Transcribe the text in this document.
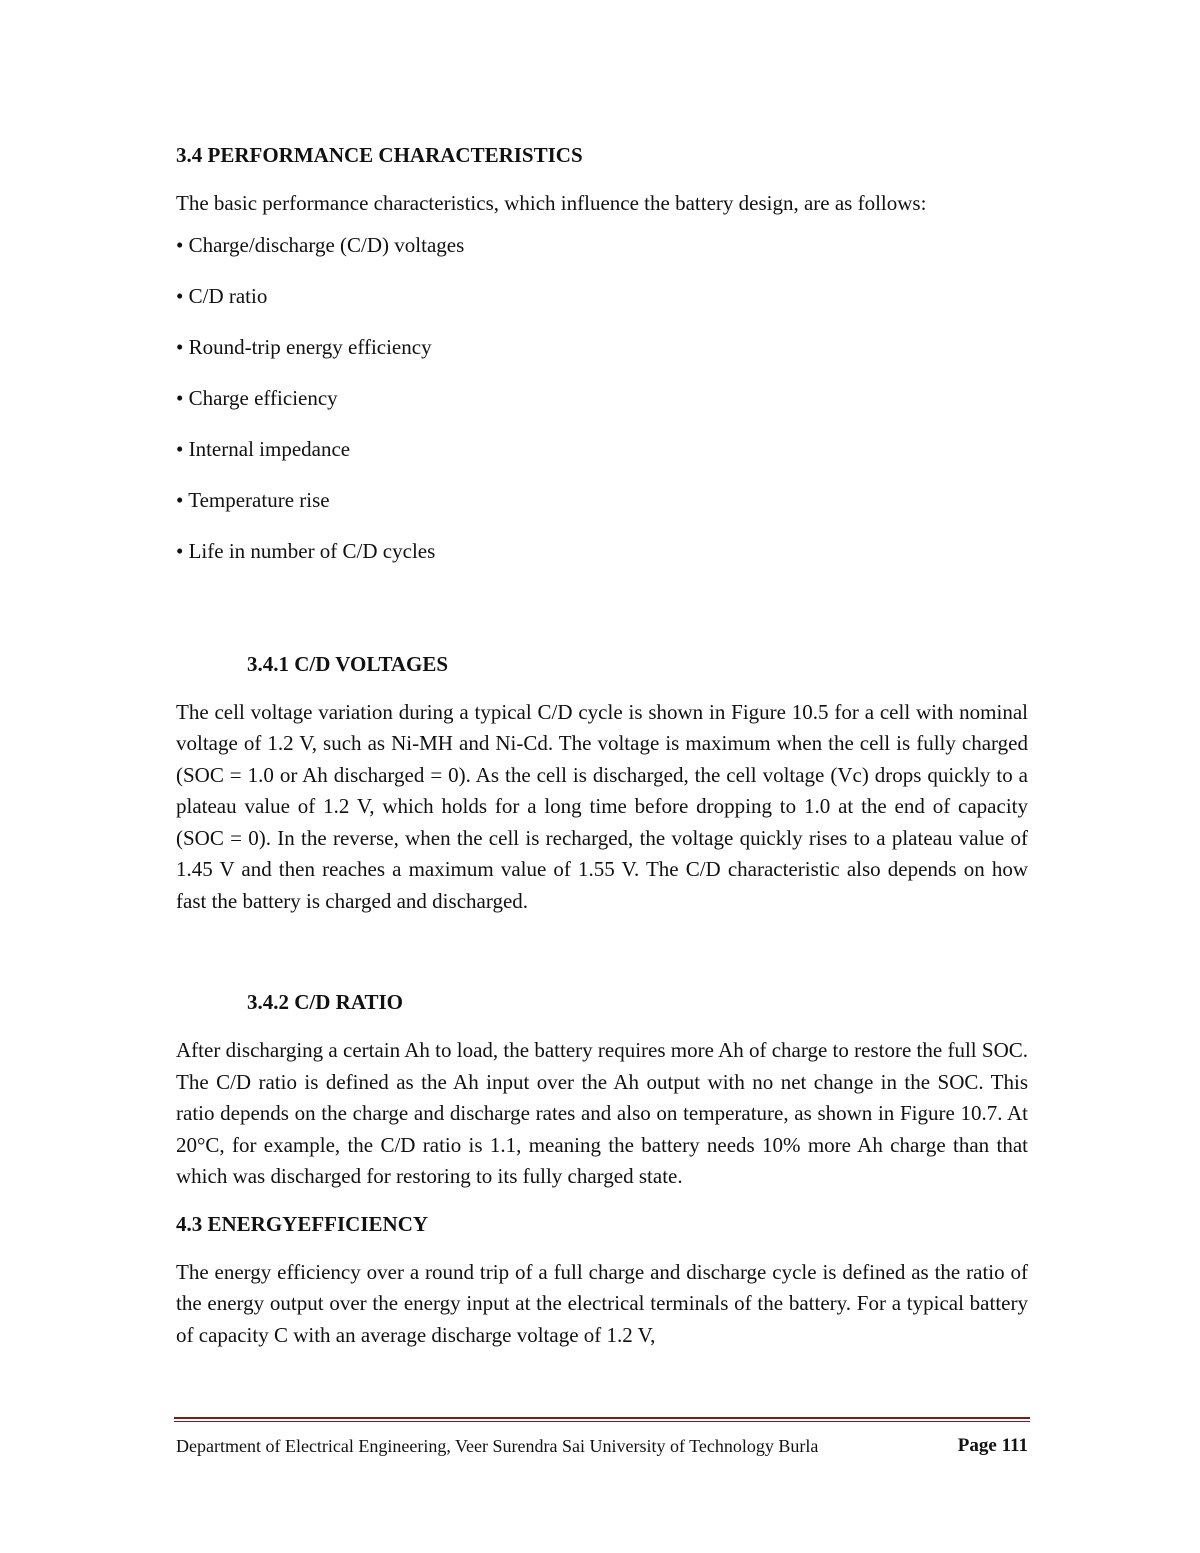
3.4 PERFORMANCE CHARACTERISTICS

The basic performance characteristics, which influence the battery design, are as follows:

• Charge/discharge (C/D) voltages
• C/D ratio
• Round-trip energy efficiency
• Charge efficiency
• Internal impedance
• Temperature rise
• Life in number of C/D cycles
3.4.1 C/D VOLTAGES

The cell voltage variation during a typical C/D cycle is shown in Figure 10.5 for a cell with nominal voltage of 1.2 V, such as Ni-MH and Ni-Cd. The voltage is maximum when the cell is fully charged (SOC = 1.0 or Ah discharged = 0). As the cell is discharged, the cell voltage (Vc) drops quickly to a plateau value of 1.2 V, which holds for a long time before dropping to 1.0 at the end of capacity (SOC = 0). In the reverse, when the cell is recharged, the voltage quickly rises to a plateau value of 1.45 V and then reaches a maximum value of 1.55 V. The C/D characteristic also depends on how fast the battery is charged and discharged.

3.4.2 C/D RATIO

After discharging a certain Ah to load, the battery requires more Ah of charge to restore the full SOC. The C/D ratio is defined as the Ah input over the Ah output with no net change in the SOC. This ratio depends on the charge and discharge rates and also on temperature, as shown in Figure 10.7. At 20°C, for example, the C/D ratio is 1.1, meaning the battery needs 10% more Ah charge than that which was discharged for restoring to its fully charged state.

4.3 ENERGYEFFICIENCY

The energy efficiency over a round trip of a full charge and discharge cycle is defined as the ratio of the energy output over the energy input at the electrical terminals of the battery. For a typical battery of capacity C with an average discharge voltage of 1.2 V,

Department of Electrical Engineering, Veer Surendra Sai University of Technology Burla	Page 111
